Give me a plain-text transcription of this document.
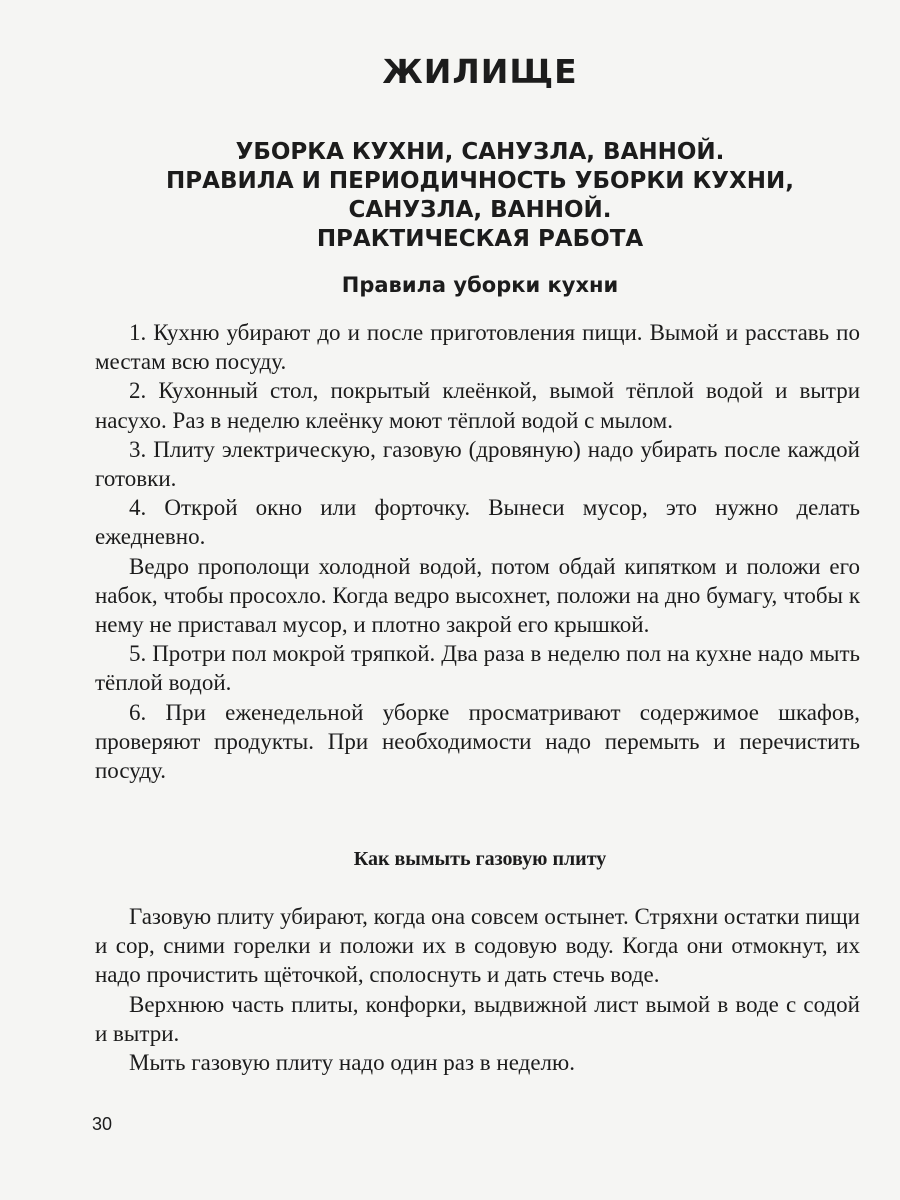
ЖИЛИЩЕ
УБОРКА КУХНИ, САНУЗЛА, ВАННОЙ.
ПРАВИЛА И ПЕРИОДИЧНОСТЬ УБОРКИ КУХНИ,
САНУЗЛА, ВАННОЙ.
ПРАКТИЧЕСКАЯ РАБОТА
Правила уборки кухни

1. Кухню убирают до и после приготовления пищи. Вымой и расставь по местам всю посуду.

2. Кухонный стол, покрытый клеёнкой, вымой тёплой водой и вытри насухо. Раз в неделю клеёнку моют тёплой водой с мылом.

3. Плиту электрическую, газовую (дровяную) надо убирать после каждой готовки.

4. Открой окно или форточку. Вынеси мусор, это нужно делать ежедневно.

Ведро прополощи холодной водой, потом обдай кипятком и положи его набок, чтобы просохло. Когда ведро высохнет, положи на дно бумагу, чтобы к нему не приставал мусор, и плотно закрой его крышкой.

5. Протри пол мокрой тряпкой. Два раза в неделю пол на кухне надо мыть тёплой водой.

6. При еженедельной уборке просматривают содержимое шкафов, проверяют продукты. При необходимости надо перемыть и перечистить посуду.

Как вымыть газовую плиту

Газовую плиту убирают, когда она совсем остынет. Стряхни остатки пищи и сор, сними горелки и положи их в содовую воду. Когда они отмокнут, их надо прочистить щёточкой, сполоснуть и дать стечь воде.

Верхнюю часть плиты, конфорки, выдвижной лист вымой в воде с содой и вытри.

Мыть газовую плиту надо один раз в неделю.

30
